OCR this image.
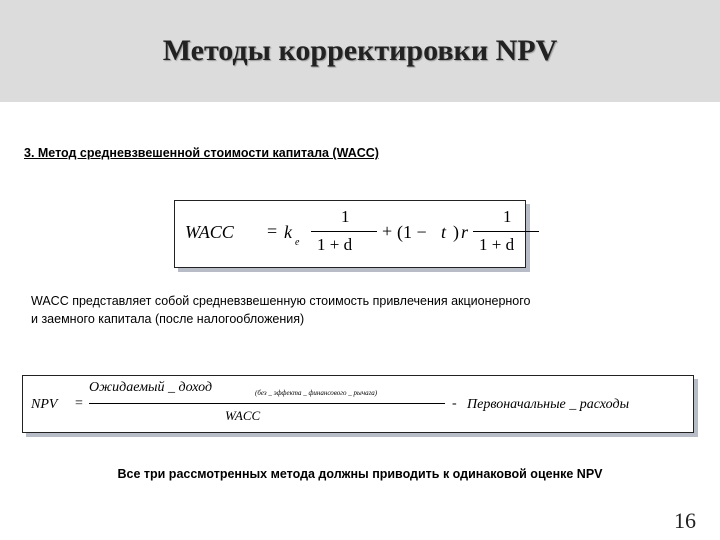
Методы корректировки NPV
3. Метод средневзвешенной стоимости капитала (WACC)
WACC = k
e
1
1 + d
+ (1 − t ) r
1
1 + d
WACC представляет собой средневзвешенную стоимость привлечения акционерного
и заемного капитала (после налогообложения)
NPV =
Ожидаемый _ доход	(без _ эффекта _ финансового _ рычага)
WACC
- Первоначальные _ расходы
Все три рассмотренных метода должны приводить к одинаковой оценке NPV
16
